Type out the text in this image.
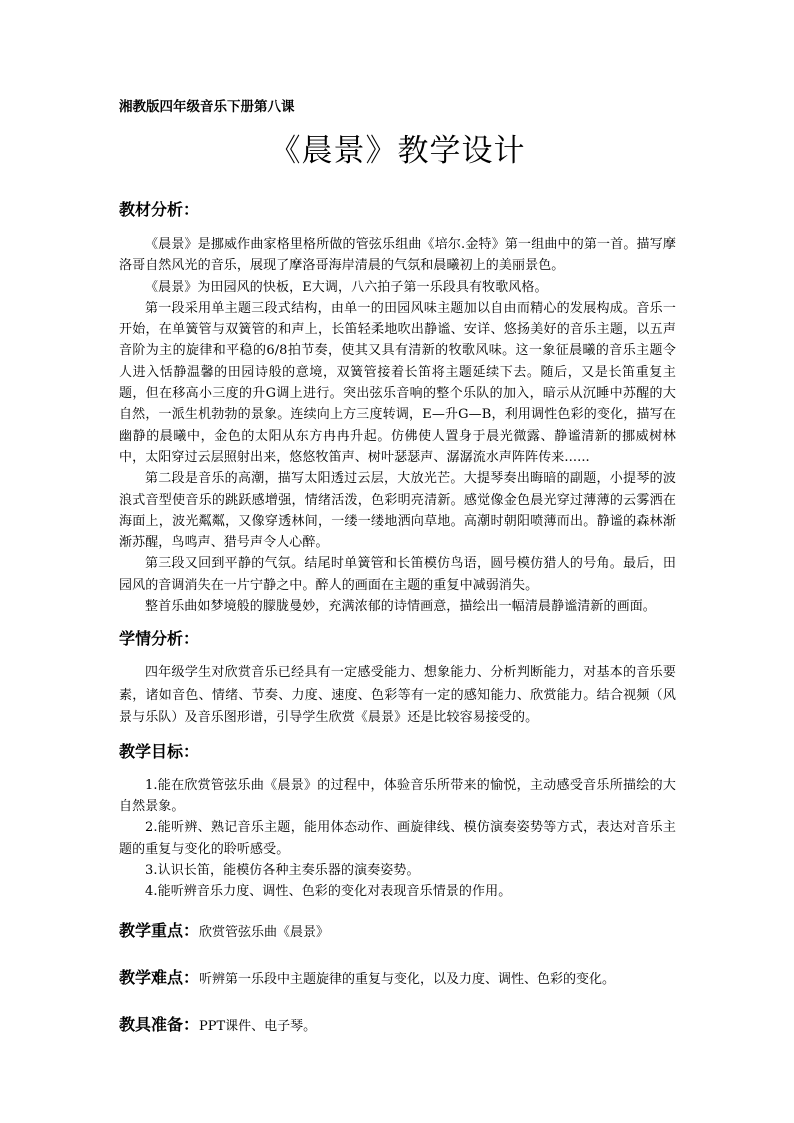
湘教版四年级音乐下册第八课
《晨景》教学设计
教材分析：

《晨景》是挪威作曲家格里格所做的管弦乐组曲《培尔.金特》第一组曲中的第一首。描写摩洛哥自然风光的音乐，展现了摩洛哥海岸清晨的气氛和晨曦初上的美丽景色。

《晨景》为田园风的快板，E大调，八六拍子第一乐段具有牧歌风格。

第一段采用单主题三段式结构，由单一的田园风味主题加以自由而精心的发展构成。音乐一开始，在单簧管与双簧管的和声上，长笛轻柔地吹出静谧、安详、悠扬美好的音乐主题，以五声音阶为主的旋律和平稳的6/8拍节奏，使其又具有清新的牧歌风味。这一象征晨曦的音乐主题令人进入恬静温馨的田园诗般的意境，双簧管接着长笛将主题延续下去。随后，又是长笛重复主题，但在移高小三度的升G调上进行。突出弦乐音响的整个乐队的加入，暗示从沉睡中苏醒的大自然，一派生机勃勃的景象。连续向上方三度转调，E—升G—B，利用调性色彩的变化，描写在幽静的晨曦中，金色的太阳从东方冉冉升起。仿佛使人置身于晨光微露、静谧清新的挪威树林中，太阳穿过云层照射出来，悠悠牧笛声、树叶瑟瑟声、潺潺流水声阵阵传来......

第二段是音乐的高潮，描写太阳透过云层，大放光芒。大提琴奏出晦暗的副题，小提琴的波浪式音型使音乐的跳跃感增强，情绪活泼，色彩明亮清新。感觉像金色晨光穿过薄薄的云雾洒在海面上，波光粼粼，又像穿透林间，一缕一缕地洒向草地。高潮时朝阳喷薄而出。静谧的森林渐渐苏醒，鸟鸣声、猎号声令人心醉。

第三段又回到平静的气氛。结尾时单簧管和长笛模仿鸟语，圆号模仿猎人的号角。最后，田园风的音调消失在一片宁静之中。醉人的画面在主题的重复中减弱消失。

整首乐曲如梦境般的朦胧曼妙，充满浓郁的诗情画意，描绘出一幅清晨静谧清新的画面。

学情分析：

四年级学生对欣赏音乐已经具有一定感受能力、想象能力、分析判断能力，对基本的音乐要素，诸如音色、情绪、节奏、力度、速度、色彩等有一定的感知能力、欣赏能力。结合视频（风景与乐队）及音乐图形谱，引导学生欣赏《晨景》还是比较容易接受的。

教学目标：

1.能在欣赏管弦乐曲《晨景》的过程中，体验音乐所带来的愉悦，主动感受音乐所描绘的大自然景象。

2.能听辨、熟记音乐主题，能用体态动作、画旋律线、模仿演奏姿势等方式，表达对音乐主题的重复与变化的聆听感受。

3.认识长笛，能模仿各种主奏乐器的演奏姿势。

4.能听辨音乐力度、调性、色彩的变化对表现音乐情景的作用。

教学重点：欣赏管弦乐曲《晨景》
教学难点：听辨第一乐段中主题旋律的重复与变化，以及力度、调性、色彩的变化。
教具准备：PPT课件、电子琴。
